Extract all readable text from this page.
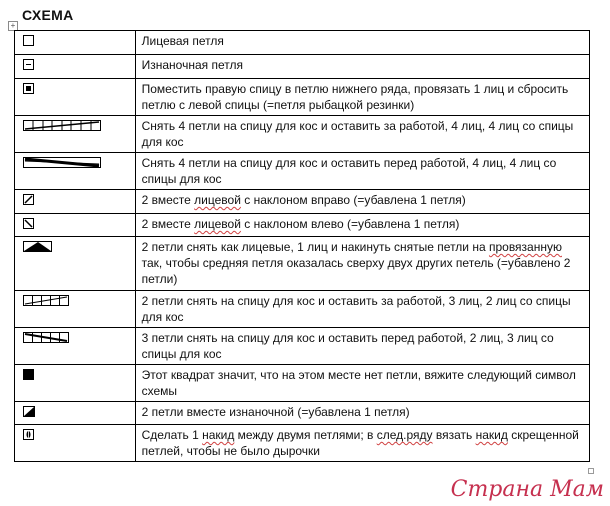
СХЕМА
+
	Лицевая петля

	Изнаночная петля

	Поместить правую спицу в петлю нижнего ряда, провязать 1 лиц и сбросить петлю с левой спицы (=петля рыбацкой резинки)

	Снять 4 петли на спицу для кос и оставить за работой, 4 лиц, 4 лиц со спицы для кос

	Снять 4 петли на спицу для кос и оставить перед работой, 4 лиц, 4 лиц со спицы для кос

	2 вместе лицевой с наклоном вправо (=убавлена 1 петля)

	2 вместе лицевой с наклоном влево (=убавлена 1 петля)

	2 петли снять как лицевые, 1 лиц и накинуть снятые петли на провязанную так, чтобы средняя петля оказалась сверху двух других петель (=убавлено 2 петли)

	2 петли снять на спицу для кос и оставить за работой, 3 лиц, 2 лиц со спицы для кос

	3 петли снять на спицу для кос и оставить перед работой, 2 лиц, 3 лиц со спицы для кос

	Этот квадрат значит, что на этом месте нет петли, вяжите следующий символ схемы

	2 петли вместе изнаночной (=убавлена 1 петля)

	Сделать 1 накид между двумя петлями; в след.ряду вязать накид скрещенной петлей, чтобы не было дырочки
Страна Мам
